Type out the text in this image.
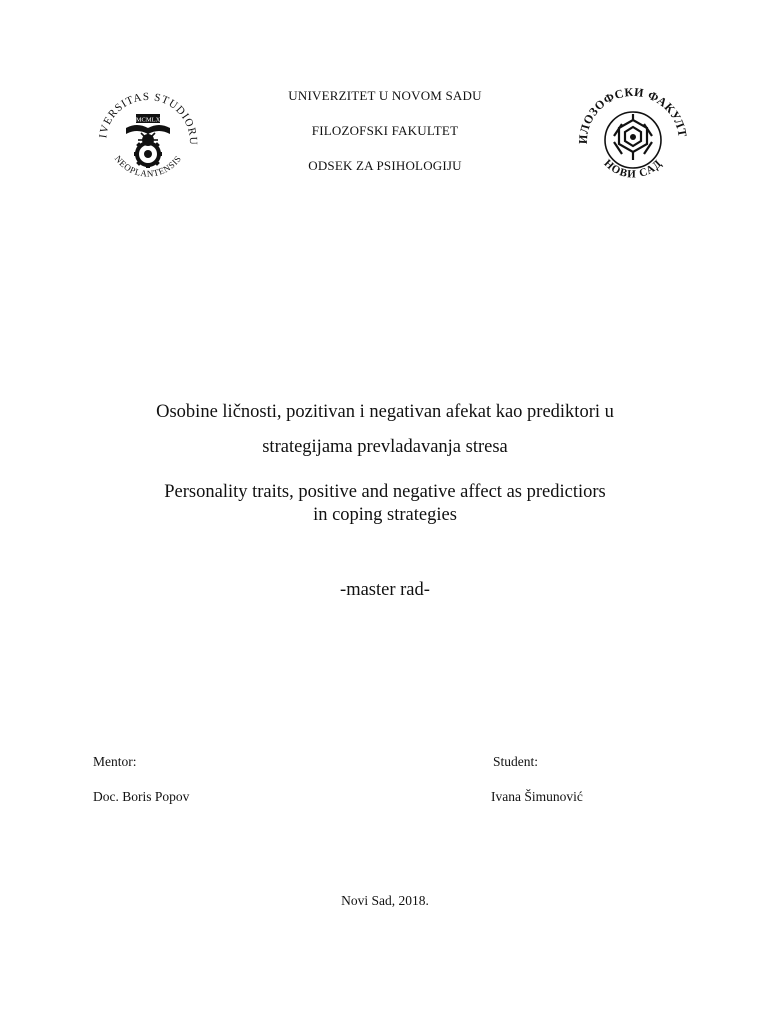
IVERSITAS STUDIORU
NEOPLANTENSIS
MCMLX
ИЛОЗОФСКИ ФАКУЛТ
НОВИ САД
UNIVERZITET U NOVOM SADU
FILOZOFSKI FAKULTET
ODSEK ZA PSIHOLOGIJU
Osobine ličnosti, pozitivan i negativan afekat kao prediktori u
strategijama prevladavanja stresa
Personality traits, positive and negative affect as predictiors
in coping strategies
-master rad-
Mentor:
Doc. Boris Popov
Student:
Ivana Šimunović
Novi Sad, 2018.
